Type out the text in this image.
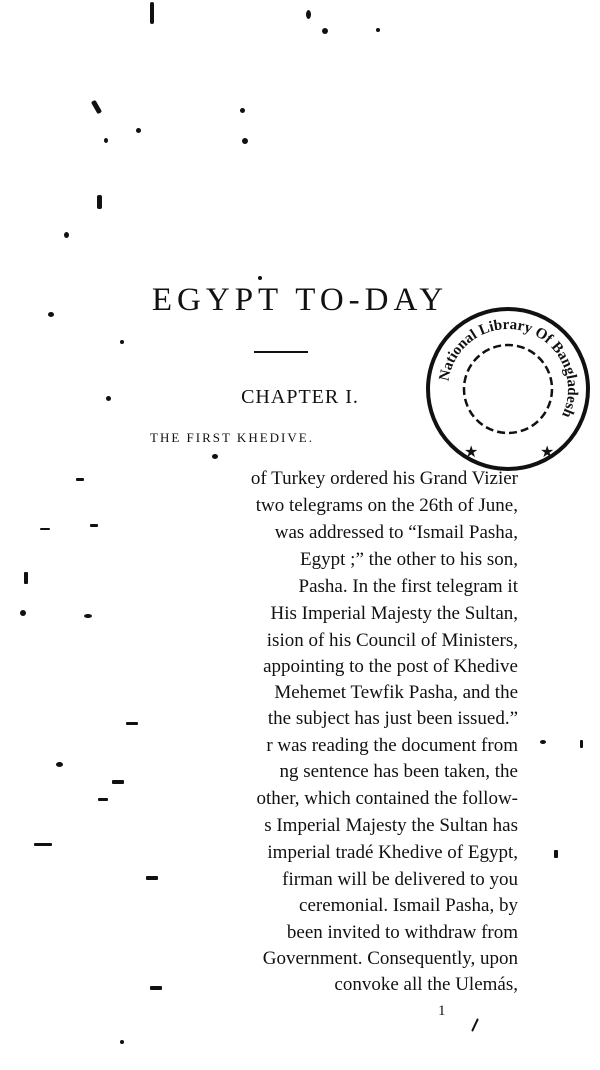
EGYPT TO-DAY
CHAPTER I.
THE FIRST KHEDIVE.
of Turkey ordered his Grand Vizier
two telegrams on the 26th of June,
was addressed to “Ismail Pasha,
Egypt ;” the other to his son,
Pasha. In the first telegram it
His Imperial Majesty the Sultan,
ision of his Council of Ministers,
appointing to the post of Khedive
Mehemet Tewfik Pasha, and the
the subject has just been issued.”
r was reading the document from
ng sentence has been taken, the
other, which contained the follow-
s Imperial Majesty the Sultan has
imperial tradé Khedive of Egypt,
firman will be delivered to you
ceremonial. Ismail Pasha, by
been invited to withdraw from
Government. Consequently, upon
convoke all the Ulemás,
1
National Library Of Bangladesh
★	★
